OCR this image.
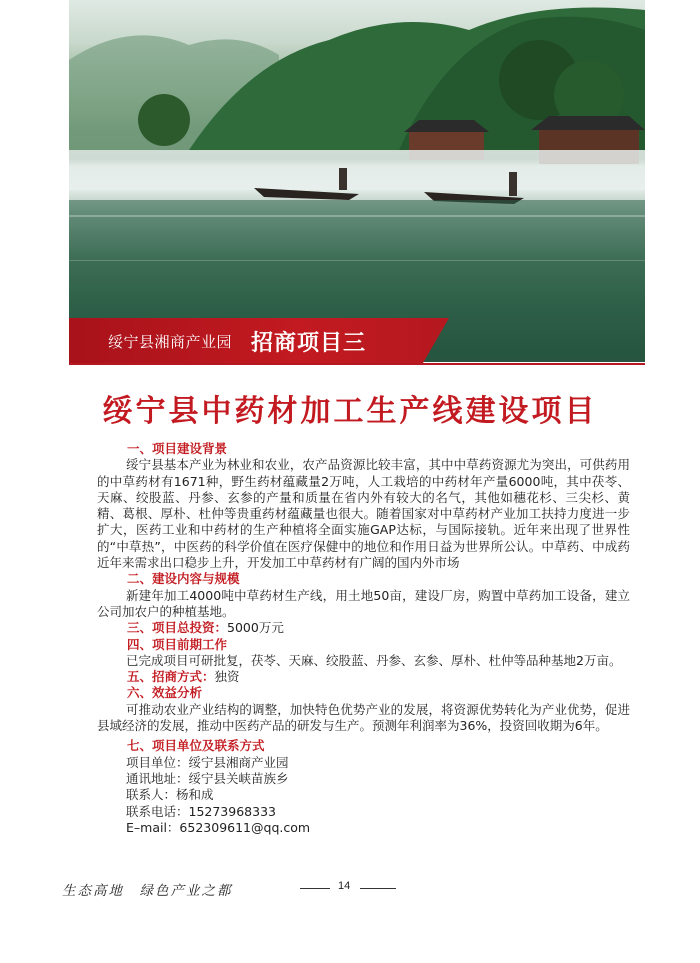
绥宁县湘商产业园 招商项目三
绥宁县中药材加工生产线建设项目
一、项目建设背景
绥宁县基本产业为林业和农业，农产品资源比较丰富，其中中草药资源尤为突出，可供药用的中草药材有1671种，野生药材蕴藏量2万吨，人工栽培的中药材年产量6000吨，其中茯苓、天麻、绞股蓝、丹参、玄参的产量和质量在省内外有较大的名气，其他如穗花杉、三尖杉、黄精、葛根、厚朴、杜仲等贵重药材蕴藏量也很大。随着国家对中草药材产业加工扶持力度进一步扩大，医药工业和中药材的生产种植将全面实施GAP达标，与国际接轨。近年来出现了世界性的“中草热”，中医药的科学价值在医疗保健中的地位和作用日益为世界所公认。中草药、中成药近年来需求出口稳步上升，开发加工中草药材有广阔的国内外市场
二、建设内容与规模
新建年加工4000吨中草药材生产线，用土地50亩，建设厂房，购置中草药加工设备，建立公司加农户的种植基地。
三、项目总投资：5000万元
四、项目前期工作
已完成项目可研批复，茯苓、天麻、绞股蓝、丹参、玄参、厚朴、杜仲等品种基地2万亩。
五、招商方式：独资
六、效益分析
可推动农业产业结构的调整，加快特色优势产业的发展，将资源优势转化为产业优势，促进县域经济的发展，推动中医药产品的研发与生产。预测年利润率为36%，投资回收期为6年。
七、项目单位及联系方式
项目单位：绥宁县湘商产业园
通讯地址：绥宁县关峡苗族乡
联系人：杨和成
联系电话：15273968333
E–mail：652309611@qq.com
生态高地　绿色产业之都	14
